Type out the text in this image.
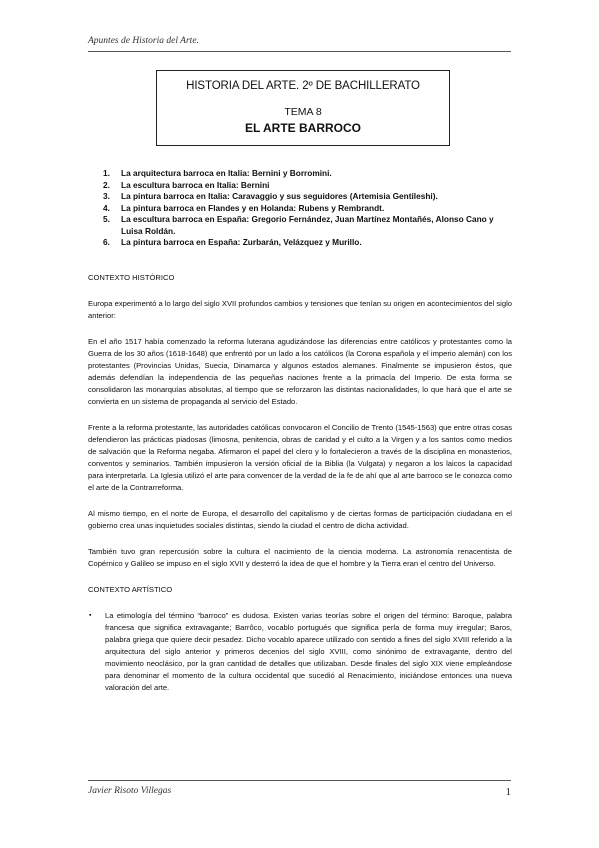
Apuntes de Historia del Arte.
HISTORIA DEL ARTE. 2º DE BACHILLERATO
TEMA 8
EL ARTE BARROCO
1. La arquitectura barroca en Italia: Bernini y Borromini.
2. La escultura barroca en Italia: Bernini
3. La pintura barroca en Italia: Caravaggio y sus seguidores (Artemisia Gentileshi).
4. La pintura barroca en Flandes y en Holanda: Rubens y Rembrandt.
5. La escultura barroca en España: Gregorio Fernández, Juan Martínez Montañés, Alonso Cano y Luisa Roldán.
6. La pintura barroca en España: Zurbarán, Velázquez y Murillo.
CONTEXTO HISTÓRICO

Europa experimentó a lo largo del siglo XVII profundos cambios y tensiones que tenían su origen en acontecimientos del siglo anterior:

En el año 1517 había comenzado la reforma luterana agudizándose las diferencias entre católicos y protestantes como la Guerra de los 30 años (1618-1648) que enfrentó por un lado a los católicos (la Corona española y el imperio alemán) con los protestantes (Provincias Unidas, Suecia, Dinamarca y algunos estados alemanes. Finalmente se impusieron éstos, que además defendían la independencia de las pequeñas naciones frente a la primacía del Imperio. De esta forma se consolidaron las monarquías absolutas, al tiempo que se reforzaron las distintas nacionalidades, lo que hará que el arte se convierta en un sistema de propaganda al servicio del Estado.

Frente a la reforma protestante, las autoridades católicas convocaron el Concilio de Trento (1545-1563) que entre otras cosas defendieron las prácticas piadosas (limosna, penitencia, obras de caridad y el culto a la Virgen y a los santos como medios de salvación que la Reforma negaba. Afirmaron el papel del clero y lo fortalecieron a través de la disciplina en monasterios, conventos y seminarios. También impusieron la versión oficial de la Biblia (la Vulgata) y negaron a los laicos la capacidad para interpretarla. La Iglesia utilizó el arte para convencer de la verdad de la fe de ahí que al arte barroco se le conozca como el arte de la Contrarreforma.

Al mismo tiempo, en el norte de Europa, el desarrollo del capitalismo y de ciertas formas de participación ciudadana en el gobierno crea unas inquietudes sociales distintas, siendo la ciudad el centro de dicha actividad.

También tuvo gran repercusión sobre la cultura el nacimiento de la ciencia moderna. La astronomía renacentista de Copérnico y Galileo se impuso en el siglo XVII y desterró la idea de que el hombre y la Tierra eran el centro del Universo.

CONTEXTO ARTÍSTICO
▪ La etimología del término “barroco” es dudosa. Existen varias teorías sobre el origen del término: Baroque, palabra francesa que significa extravagante; Barrôco, vocablo portugués que significa perla de forma muy irregular; Baros, palabra griega que quiere decir pesadez. Dicho vocablo aparece utilizado con sentido a fines del siglo XVIII referido a la arquitectura del siglo anterior y primeros decenios del siglo XVIII, como sinónimo de extravagante, dentro del movimiento neoclásico, por la gran cantidad de detalles que utilizaban. Desde finales del siglo XIX viene empleándose para denominar el momento de la cultura occidental que sucedió al Renacimiento, iniciándose entonces una nueva valoración del arte.
Javier Risoto Villegas	1
